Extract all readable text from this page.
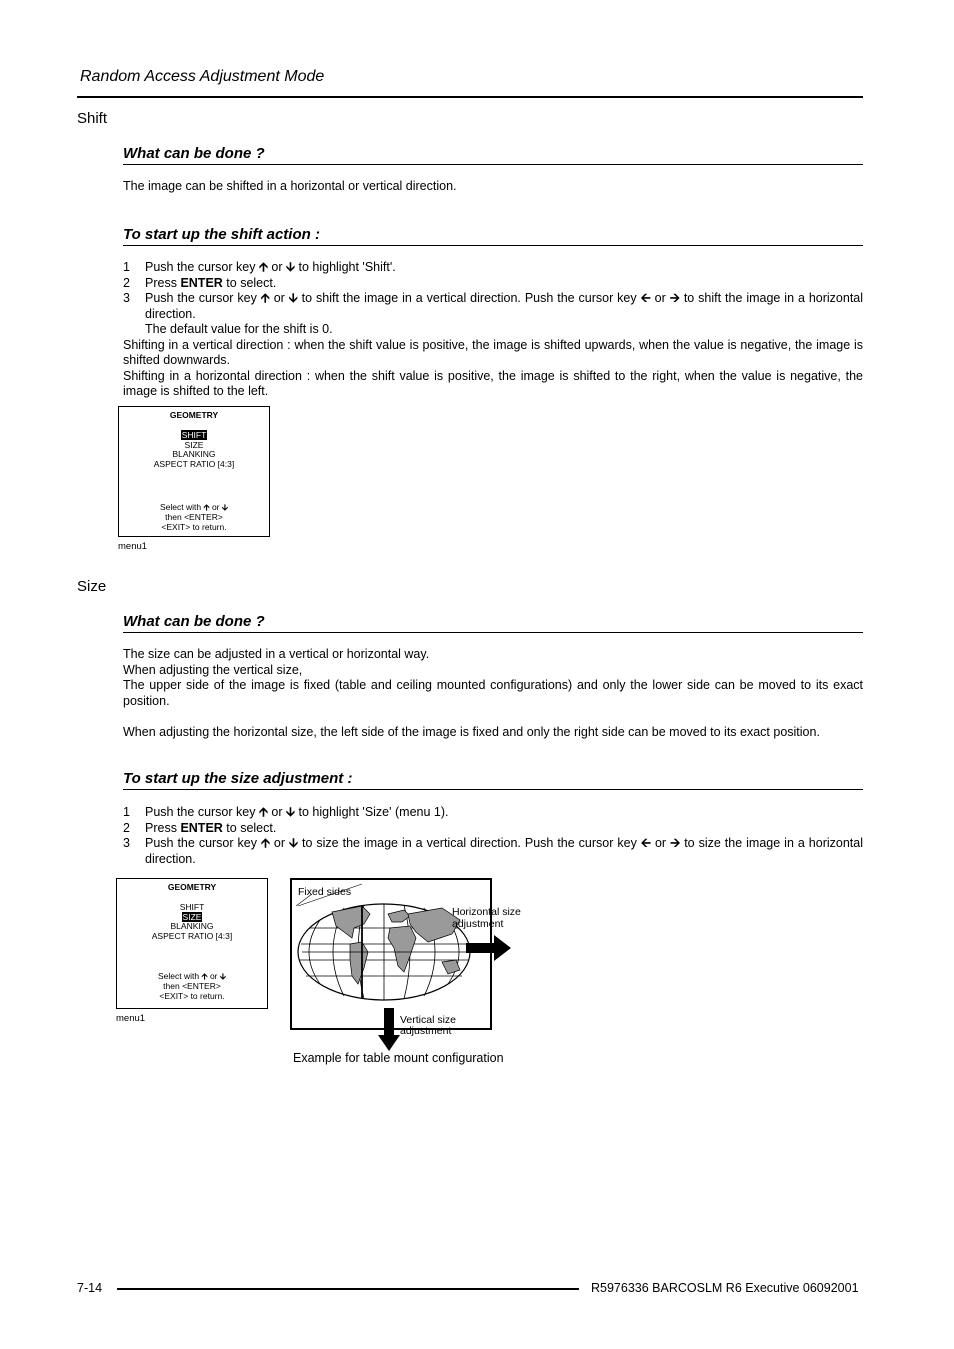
Random Access Adjustment Mode
Shift
What can be done ?
The image can be shifted in a horizontal or vertical direction.
To start up the shift action :
1 Push the cursor key 🡩 or 🡫 to highlight 'Shift'.
2 Press ENTER to select.
3 Push the cursor key 🡩 or 🡫 to shift the image in a vertical direction. Push the cursor key 🡨 or 🡪 to shift the image in a horizontal direction.
The default value for the shift is 0.

Shifting in a vertical direction : when the shift value is positive, the image is shifted upwards, when the value is negative, the image is shifted downwards.

Shifting in a horizontal direction : when the shift value is positive, the image is shifted to the right, when the value is negative, the image is shifted to the left.

GEOMETRY
SHIFT
SIZE
BLANKING
ASPECT RATIO [4:3]
Select with 🡩 or 🡫
then <ENTER>
<EXIT> to return.
menu1
Size
What can be done ?

The size can be adjusted in a vertical or horizontal way.

When adjusting the vertical size,

The upper side of the image is fixed (table and ceiling mounted configurations) and only the lower side can be moved to its exact position.

When adjusting the horizontal size, the left side of the image is fixed and only the right side can be moved to its exact position.

To start up the size adjustment :
1 Push the cursor key 🡩 or 🡫 to highlight 'Size' (menu 1).
2 Press ENTER to select.
3 Push the cursor key 🡩 or 🡫 to size the image in a vertical direction. Push the cursor key 🡨 or 🡪 to size the image in a horizontal direction.
GEOMETRY
SHIFT
SIZE
BLANKING
ASPECT RATIO [4:3]
Select with 🡩 or 🡫
then <ENTER>
<EXIT> to return.
menu1
Fixed sides
Horizontal size
adjustment
Vertical size
adjustment
Example for table mount configuration
7-14	R5976336 BARCOSLM R6 Executive 06092001
